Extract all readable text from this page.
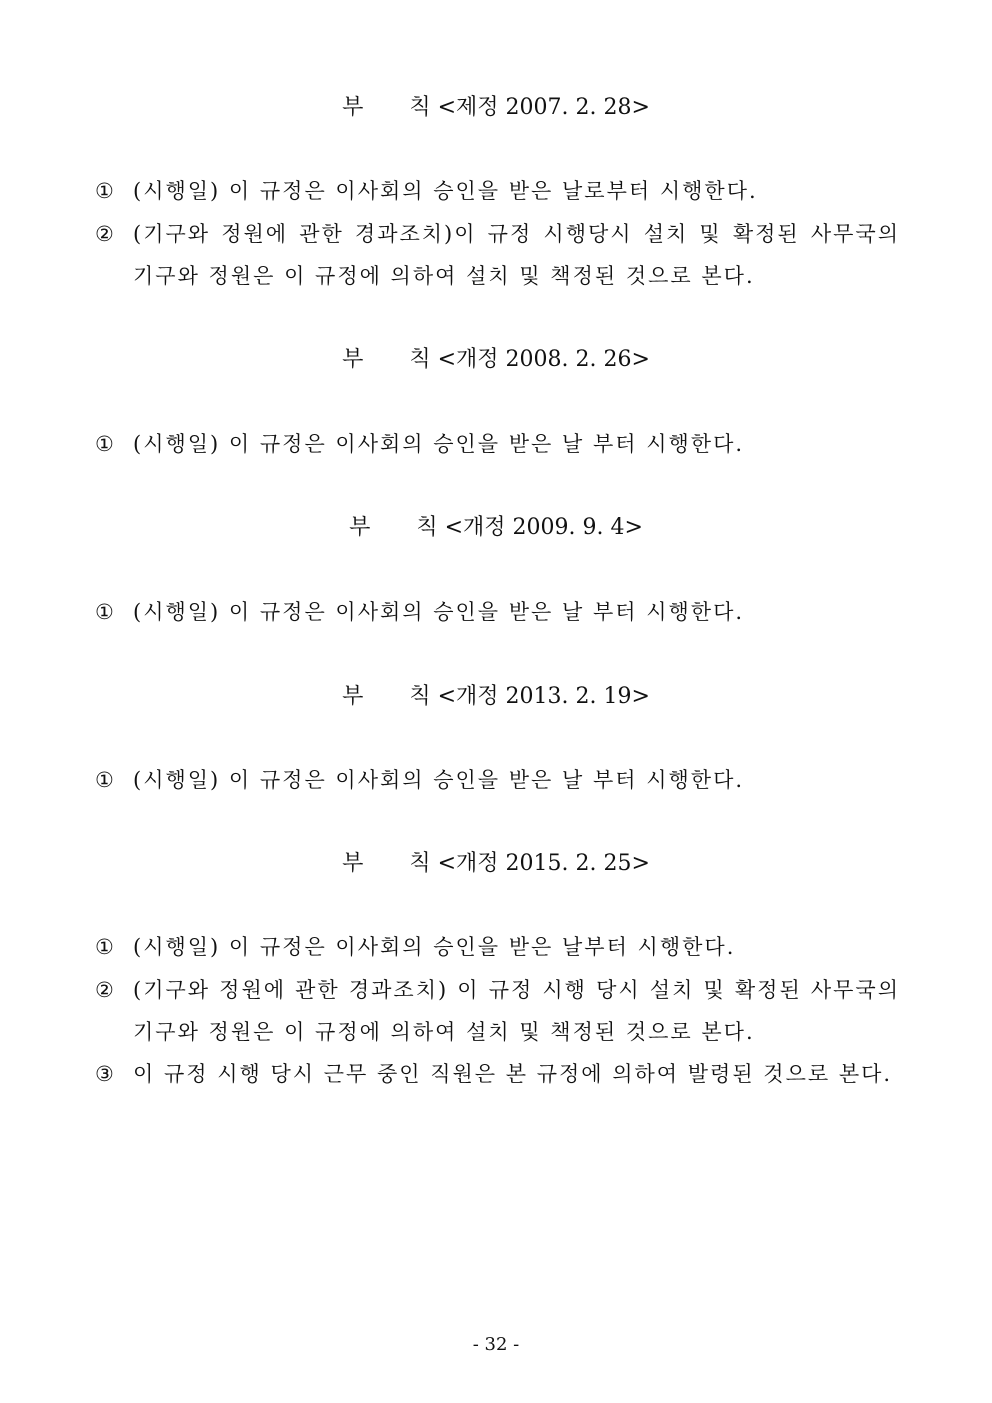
부 칙 <제정 2007. 2. 28>
① (시행일) 이 규정은 이사회의 승인을 받은 날로부터 시행한다.
② (기구와 정원에 관한 경과조치)이 규정 시행당시 설치 및 확정된 사무국의 기구와 정원은 이 규정에 의하여 설치 및 책정된 것으로 본다.
부 칙 <개정 2008. 2. 26>
① (시행일) 이 규정은 이사회의 승인을 받은 날 부터 시행한다.
부 칙 <개정 2009. 9. 4>
① (시행일) 이 규정은 이사회의 승인을 받은 날 부터 시행한다.
부 칙 <개정 2013. 2. 19>
① (시행일) 이 규정은 이사회의 승인을 받은 날 부터 시행한다.
부 칙 <개정 2015. 2. 25>
① (시행일) 이 규정은 이사회의 승인을 받은 날부터 시행한다.
② (기구와 정원에 관한 경과조치) 이 규정 시행 당시 설치 및 확정된 사무국의 기구와 정원은 이 규정에 의하여 설치 및 책정된 것으로 본다.
③ 이 규정 시행 당시 근무 중인 직원은 본 규정에 의하여 발령된 것으로 본다.
- 32 -
